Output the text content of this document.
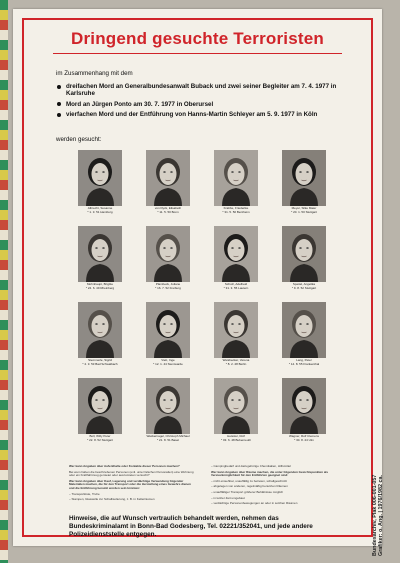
Dringend gesuchte Terroristen
im Zusammenhang mit dem
dreifachen Mord an Generalbundesanwalt Buback und zwei seiner Begleiter am 7. 4. 1977 in Karlsruhe
Mord an Jürgen Ponto am 30. 7. 1977 in Oberursel
vierfachen Mord und der Entführung von Hanns-Martin Schleyer am 5. 9. 1977 in Köln
werden gesucht:
Albrecht, Susanne
* 1. 3. 51 Hamburg
von Dyck, Elisabeth
* 11. 5. 50 Bonn
Krabbe, Friederike
* 31. 5. 50 Bentheim
Meyer, Silke Maier
* 20. 1. 50 Stuttgart
Mohnhaupt, Brigitte
* 24. 6. 49 Rheinberg
Plambeck, Juliane
* 16. 7. 52 Freiburg
Schulz, Adelheid
* 31. 3. 55 Lautern
Speitel, Angelika
* 9. 8. 52 Stuttgart
Stemmerle, Sigrid
* 4. 3. 53 Bad Schwalbach
Viett, Inge
* 12. 1. 44 Stemwarde
Weisbecker, Verena
* 8. 2. 48 Berlin
Lang, Peter
* 14. 8. 55 Frankenthal
Boll, Willy Peter
* 22. 8. 52 Stuttgart
Wackernagel, Christoph Michael
* 21. 8. 51 Basel
Heissler, Rolf
* 03. 6. 48 Bubenreuth
Wagner, Rolf Clemens
* 30. 8. 44 Ulm

Wer kann Angaben über Aufenthalte oder Kontakte dieser Personen machen?

Bei wem haben die beschriebenen Personen (evtl. unter falschen Personalien) eine Wohnung oder ein Kraftfahrzeug gemietet oder auszumieten versucht?

Wer kann Angaben über Kauf, Lagerung und verdächtige Verwendung folgender Materialien machen, die für den Transport oder die Herstellung eines Gewehrs dienen und die Entführung benutzt worden sein könnten:

– Transportkiste, Truhe

– Stampen, Glaswolle zur Schallisolierung, z. B. in Kellerräumen

– Campingbedarf und dazugehörige Chemikalien, Hilfsmittel

Wer kann Angaben über Räume machen, die unter folgenden Gesichtspunkten als Versteckmöglichkeit für den Entführten geeignet sind:

– nicht einsehbar, unauffällig zu betreten, schallgeschützt

– abgelegen von anderen, regelmäßig benutzten Räumen

– unauffälliger Transport größerer Behältnisse möglich

– in letzter Zeit umgebaut

– verdächtige Personenbewegungen an oder in solchen Räumen

Hinweise, die auf Wunsch vertraulich behandelt werden, nehmen das Bundeskriminalamt in Bonn-Bad Godesberg, Tel. 02221/352041, und jede andere Polizeidienststelle entgegen.	Bundesarchiv, Plak 006-001-057 Grafiker: o. Ang. | 1976/1982 ca.
